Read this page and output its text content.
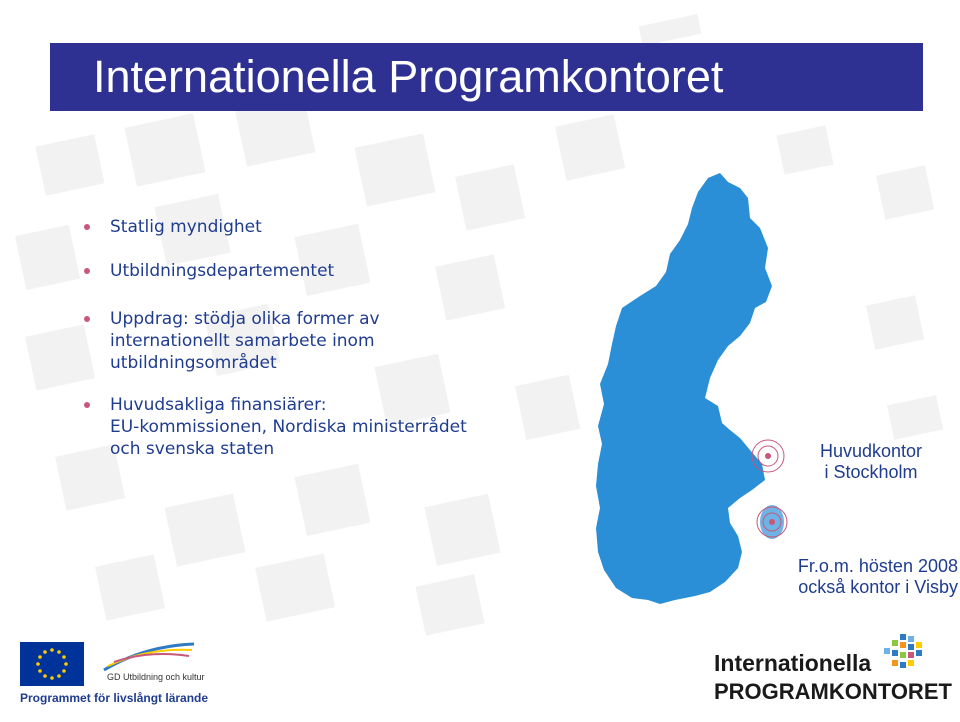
Internationella Programkontoret
Statlig myndighet
Utbildningsdepartementet
Uppdrag: stödja olika former av
internationellt samarbete inom
utbildningsområdet
Huvudsakliga finansiärer:
EU-kommissionen, Nordiska ministerrådet
och svenska staten	Huvudkontor
i Stockholm
Fr.o.m. hösten 2008
också kontor i Visby
GD Utbildning och kultur
Programmet för livslångt lärande
Internationella
PROGRAMKONTORET
